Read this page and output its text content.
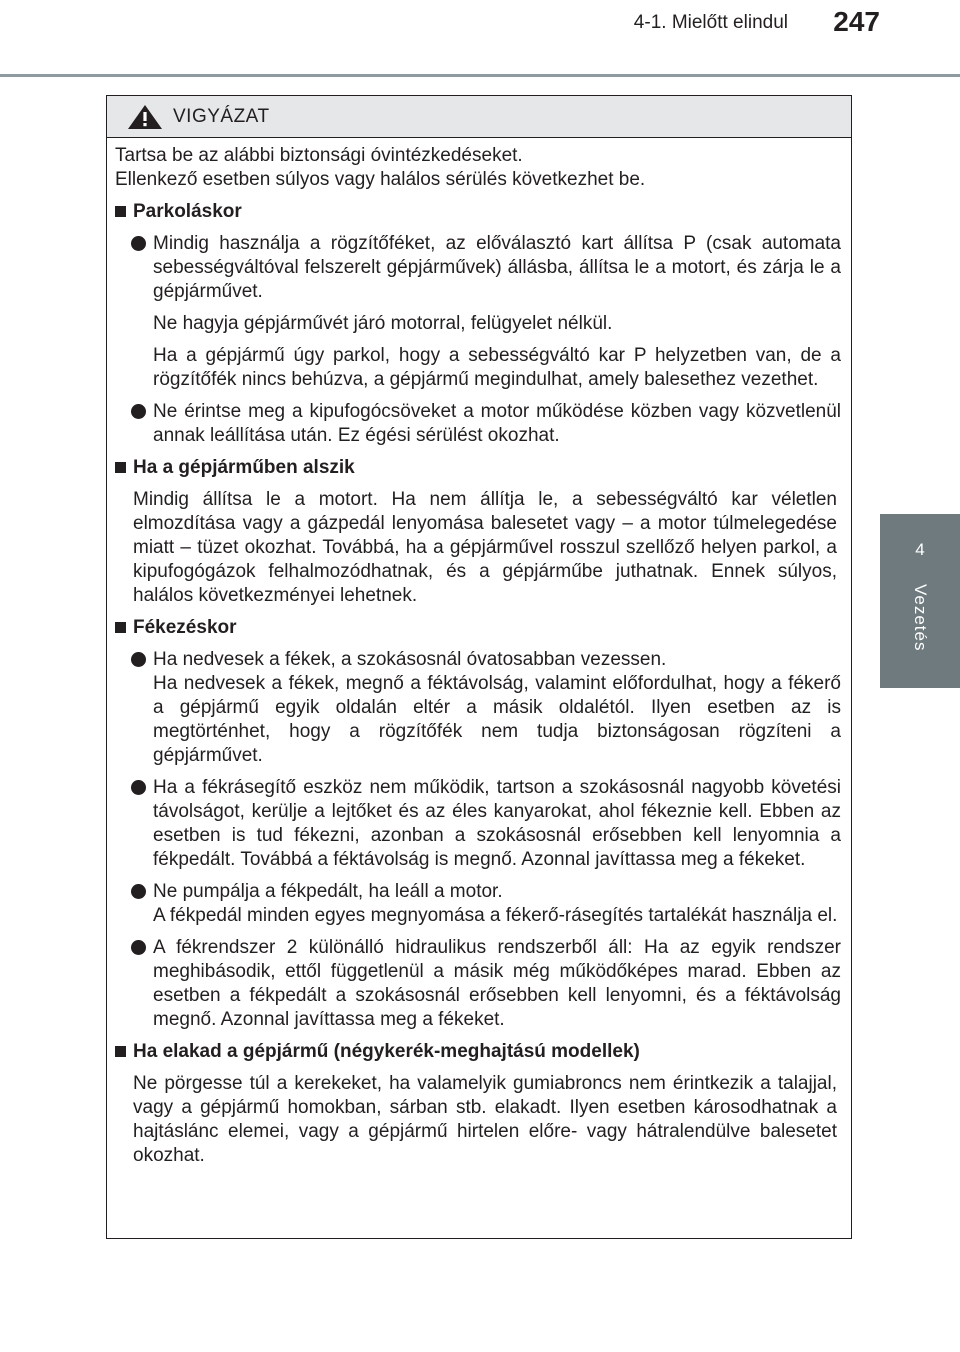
4-1. Mielőtt elindul 247
4
Vezetés
VIGYÁZAT
Tartsa be az alábbi biztonsági óvintézkedéseket.
Ellenkező esetben súlyos vagy halálos sérülés következhet be.
Parkoláskor

Mindig használja a rögzítőféket, az előválasztó kart állítsa P (csak automata sebességváltóval felszerelt gépjárművek) állásba, állítsa le a motort, és zárja le a gépjárművet.

Ne hagyja gépjárművét járó motorral, felügyelet nélkül.

Ha a gépjármű úgy parkol, hogy a sebességváltó kar P helyzetben van, de a rögzítőfék nincs behúzva, a gépjármű megindulhat, amely balesethez vezethet.

Ne érintse meg a kipufogócsöveket a motor működése közben vagy közvetlenül annak leállítása után. Ez égési sérülést okozhat.

Ha a gépjárműben alszik

Mindig állítsa le a motort. Ha nem állítja le, a sebességváltó kar véletlen elmozdítása vagy a gázpedál lenyomása balesetet vagy – a motor túlmelegedése miatt – tüzet okozhat. Továbbá, ha a gépjárművel rosszul szellőző helyen parkol, a kipufogógázok felhalmozódhatnak, és a gépjárműbe juthatnak. Ennek súlyos, halálos következményei lehetnek.

Fékezéskor

Ha nedvesek a fékek, a szokásosnál óvatosabban vezessen.

Ha nedvesek a fékek, megnő a féktávolság, valamint előfordulhat, hogy a fékerő a gépjármű egyik oldalán eltér a másik oldalétól. Ilyen esetben az is megtörténhet, hogy a rögzítőfék nem tudja biztonságosan rögzíteni a gépjárművet.

Ha a fékrásegítő eszköz nem működik, tartson a szokásosnál nagyobb követési távolságot, kerülje a lejtőket és az éles kanyarokat, ahol fékeznie kell. Ebben az esetben is tud fékezni, azonban a szokásosnál erősebben kell lenyomnia a fékpedált. Továbbá a féktávolság is megnő. Azonnal javíttassa meg a fékeket.

Ne pumpálja a fékpedált, ha leáll a motor.

A fékpedál minden egyes megnyomása a fékerő-rásegítés tartalékát használja el.

A fékrendszer 2 különálló hidraulikus rendszerből áll: Ha az egyik rendszer meghibásodik, ettől függetlenül a másik még működőképes marad. Ebben az esetben a fékpedált a szokásosnál erősebben kell lenyomni, és a féktávolság megnő. Azonnal javíttassa meg a fékeket.

Ha elakad a gépjármű (négykerék-meghajtású modellek)

Ne pörgesse túl a kerekeket, ha valamelyik gumiabroncs nem érintkezik a talajjal, vagy a gépjármű homokban, sárban stb. elakadt. Ilyen esetben károsodhatnak a hajtáslánc elemei, vagy a gépjármű hirtelen előre- vagy hátralendülve balesetet okozhat.
